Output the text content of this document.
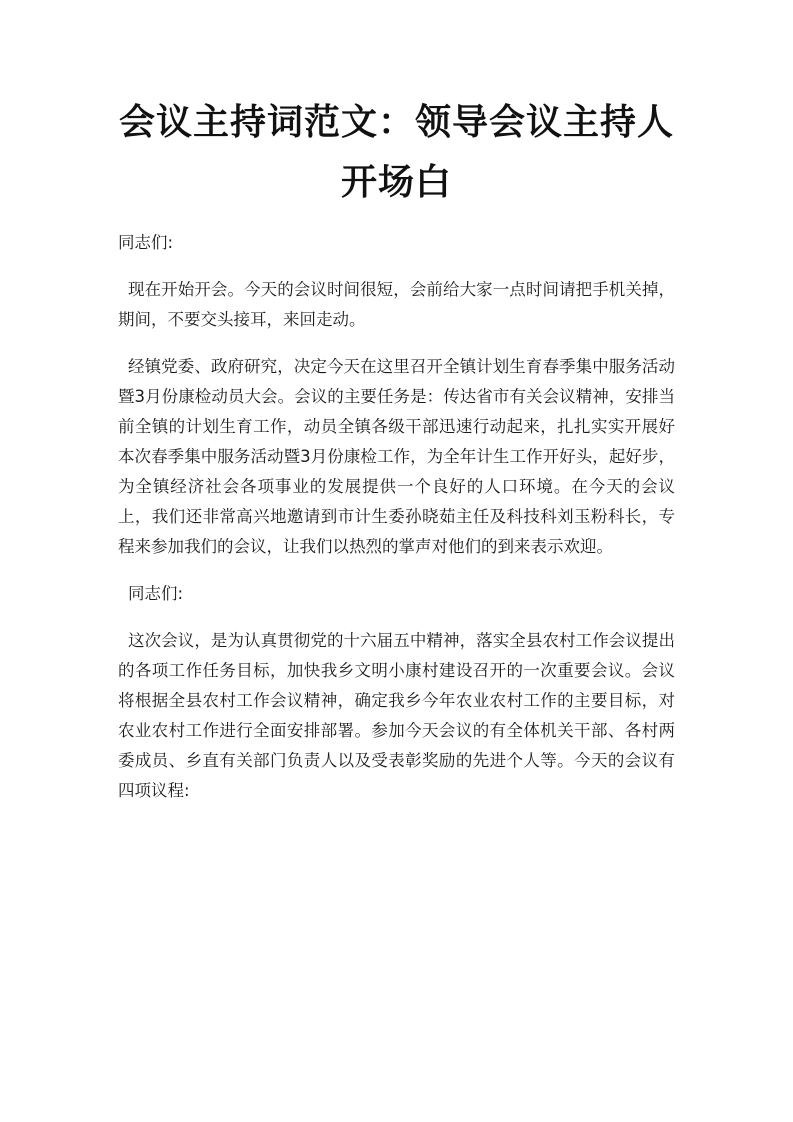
会议主持词范文：领导会议主持人开场白

同志们:

现在开始开会。今天的会议时间很短，会前给大家一点时间请把手机关掉，期间，不要交头接耳，来回走动。

经镇党委、政府研究，决定今天在这里召开全镇计划生育春季集中服务活动暨3月份康检动员大会。会议的主要任务是：传达省市有关会议精神，安排当前全镇的计划生育工作，动员全镇各级干部迅速行动起来，扎扎实实开展好本次春季集中服务活动暨3月份康检工作，为全年计生工作开好头，起好步，为全镇经济社会各项事业的发展提供一个良好的人口环境。在今天的会议上，我们还非常高兴地邀请到市计生委孙晓茹主任及科技科刘玉粉科长，专程来参加我们的会议，让我们以热烈的掌声对他们的到来表示欢迎。

同志们:

这次会议，是为认真贯彻党的十六届五中精神，落实全县农村工作会议提出的各项工作任务目标，加快我乡文明小康村建设召开的一次重要会议。会议将根据全县农村工作会议精神，确定我乡今年农业农村工作的主要目标，对农业农村工作进行全面安排部署。参加今天会议的有全体机关干部、各村两委成员、乡直有关部门负责人以及受表彰奖励的先进个人等。今天的会议有四项议程:
